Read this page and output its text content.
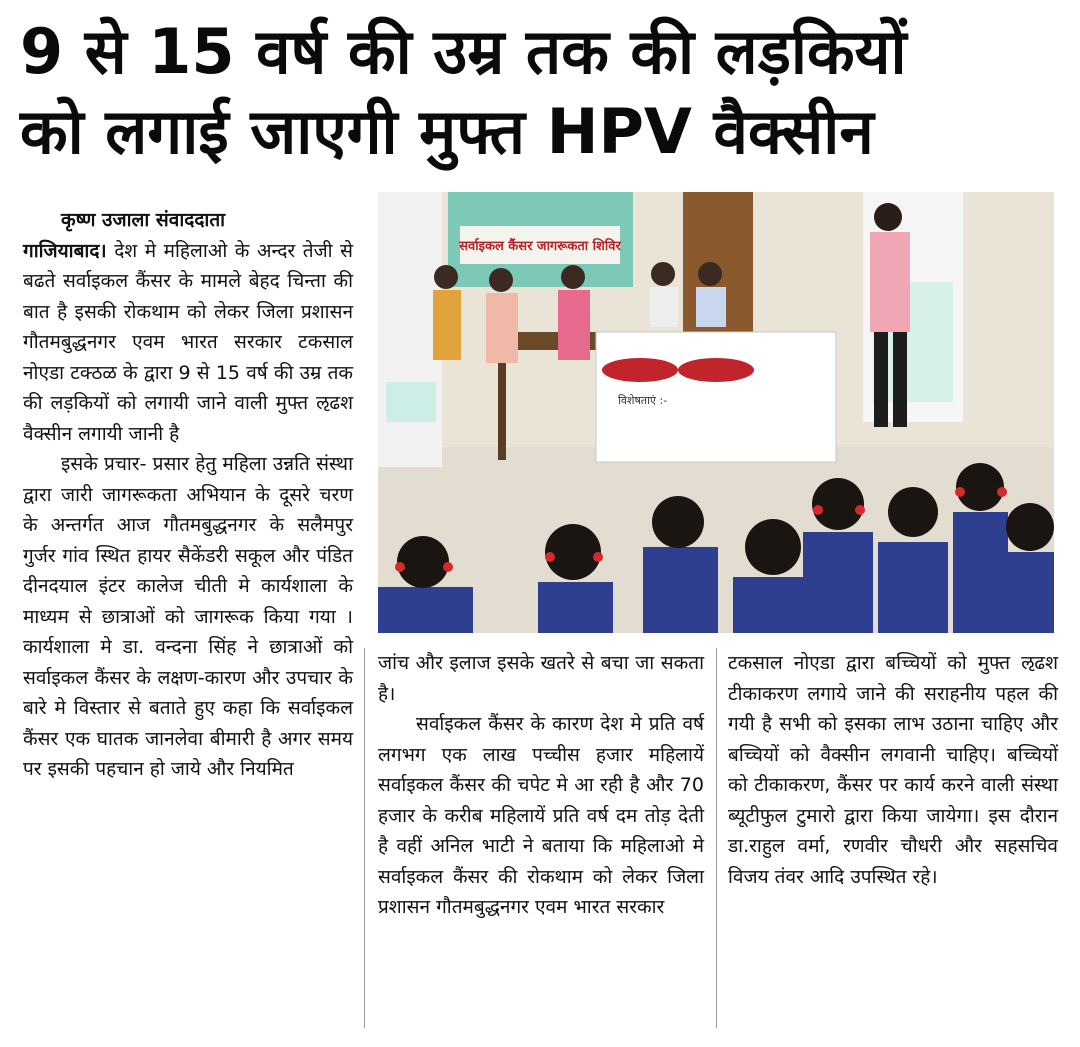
9 से 15 वर्ष की उम्र तक की लड़कियों
को लगाई जाएगी मुफ्त HPV वैक्सीन

कृष्ण उजाला संवाददाता

गाजियाबाद। देश मे महिलाओ के अन्दर तेजी से बढते सर्वाइकल कैंसर के मामले बेहद चिन्ता की बात है इसकी रोकथाम को लेकर जिला प्रशासन गौतमबुद्धनगर एवम भारत सरकार टकसाल नोएडा टक्ठळ के द्वारा 9 से 15 वर्ष की उम्र तक की लड़कियों को लगायी जाने वाली मुफ्त ऌढश वैक्सीन लगायी जानी है

इसके प्रचार- प्रसार हेतु महिला उन्नति संस्था द्वारा जारी जागरूकता अभियान के दूसरे चरण के अन्तर्गत आज गौतमबुद्धनगर के सलैमपुर गुर्जर गांव स्थित हायर सैकेंडरी सकूल और पंडित दीनदयाल इंटर कालेज चीती मे कार्यशाला के माध्यम से छात्राओं को जागरूक किया गया । कार्यशाला मे डा. वन्दना सिंह ने छात्राओं को सर्वाइकल कैंसर के लक्षण-कारण और उपचार के बारे मे विस्तार से बताते हुए कहा कि सर्वाइकल कैंसर एक घातक जानलेवा बीमारी है अगर समय पर इसकी पहचान हो जाये और नियमित

सर्वाइकल कैंसर जागरूकता शिविर
विशेषताएं :-

जांच और इलाज इसके खतरे से बचा जा सकता है।

सर्वाइकल कैंसर के कारण देश मे प्रति वर्ष लगभग एक लाख पच्चीस हजार महिलायें सर्वाइकल कैंसर की चपेट मे आ रही है और 70 हजार के करीब महिलायें प्रति वर्ष दम तोड़ देती है वहीं अनिल भाटी ने बताया कि महिलाओ मे सर्वाइकल कैंसर की रोकथाम को लेकर जिला प्रशासन गौतमबुद्धनगर एवम भारत सरकार

टकसाल नोएडा द्वारा बच्चियों को मुफ्त ऌढश टीकाकरण लगाये जाने की सराहनीय पहल की गयी है सभी को इसका लाभ उठाना चाहिए और बच्चियों को वैक्सीन लगवानी चाहिए। बच्चियों को टीकाकरण, कैंसर पर कार्य करने वाली संस्था ब्यूटीफुल टुमारो द्वारा किया जायेगा। इस दौरान डा.राहुल वर्मा, रणवीर चौधरी और सहसचिव विजय तंवर आदि उपस्थित रहे।
